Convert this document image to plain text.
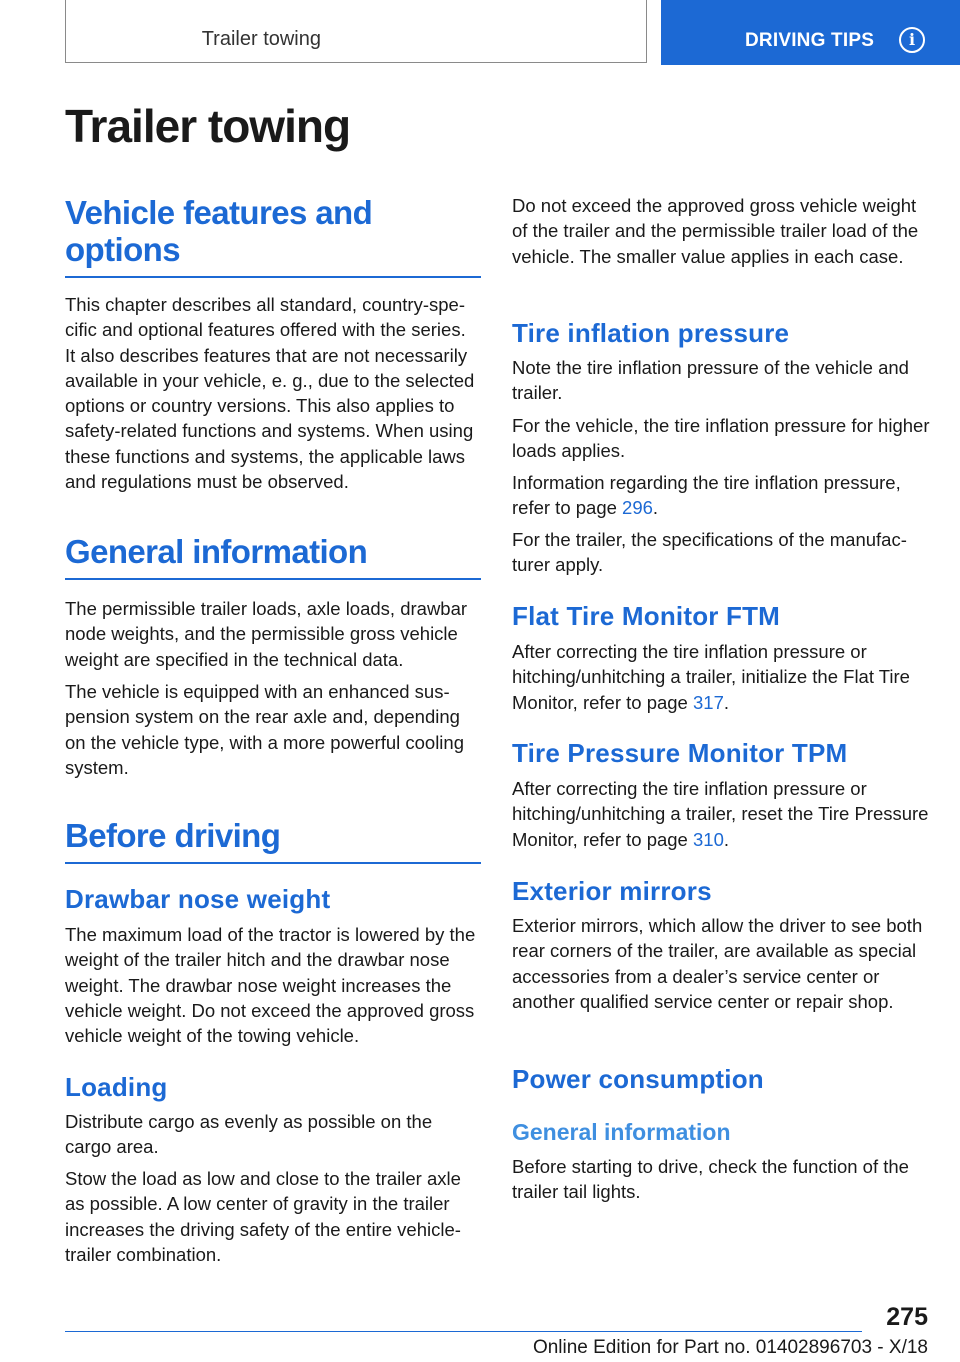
Trailer towing	DRIVING TIPS	i
Trailer towing
Vehicle features and options

This chapter describes all standard, country-specific and optional features offered with the series. It also describes features that are not necessarily available in your vehicle, e. g., due to the selected options or country versions. This also applies to safety-related functions and systems. When using these functions and systems, the applicable laws and regulations must be observed.

General information

The permissible trailer loads, axle loads, drawbar node weights, and the permissible gross vehicle weight are specified in the technical data.

The vehicle is equipped with an enhanced suspension system on the rear axle and, depending on the vehicle type, with a more powerful cooling system.

Before driving
Drawbar nose weight

The maximum load of the tractor is lowered by the weight of the trailer hitch and the drawbar nose weight. The drawbar nose weight increases the vehicle weight. Do not exceed the approved gross vehicle weight of the towing vehicle.

Loading

Distribute cargo as evenly as possible on the cargo area.

Stow the load as low and close to the trailer axle as possible. A low center of gravity in the trailer increases the driving safety of the entire vehicle-trailer combination.

Do not exceed the approved gross vehicle weight of the trailer and the permissible trailer load of the vehicle. The smaller value applies in each case.

Tire inflation pressure

Note the tire inflation pressure of the vehicle and trailer.

For the vehicle, the tire inflation pressure for higher loads applies.

Information regarding the tire inflation pressure, refer to page 296.

For the trailer, the specifications of the manufacturer apply.

Flat Tire Monitor FTM

After correcting the tire inflation pressure or hitching/unhitching a trailer, initialize the Flat Tire Monitor, refer to page 317.

Tire Pressure Monitor TPM

After correcting the tire inflation pressure or hitching/unhitching a trailer, reset the Tire Pressure Monitor, refer to page 310.

Exterior mirrors

Exterior mirrors, which allow the driver to see both rear corners of the trailer, are available as special accessories from a dealer’s service center or another qualified service center or repair shop.

Power consumption
General information

Before starting to drive, check the function of the trailer tail lights.

275
Online Edition for Part no. 01402896703 - X/18
